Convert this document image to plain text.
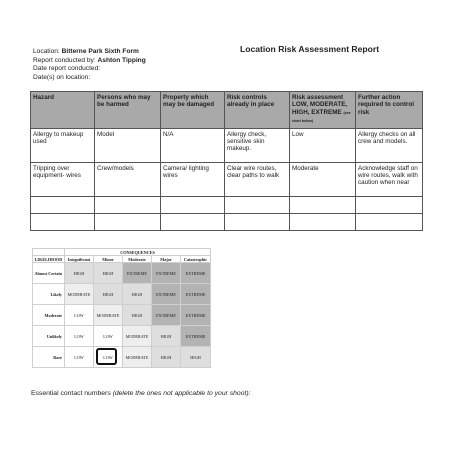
Location Risk Assessment Report
Location: Bitterne Park Sixth Form
Report conducted by: Ashton Tipping
Date report conducted:
Date(s) on location:
Hazard	Persons who may be harmed	Property which may be damaged	Risk controls already in place	Risk assessment LOW, MODERATE, HIGH, EXTREME (see chart below)	Further action required to control risk
Allergy to makeup used	Model	N/A	Allergy check, sensitive skin makeup.	Low	Allergy checks on all crew and models.
Tripping over equipment- wires	Crew/models	Camera/ lighting wires	Clear wire routes, clear paths to walk	Moderate	Acknowledge staff on wire routes, walk with caution when near

	CONSEQUENCES				
LIKELIHOOD	Insignificant	Minor	Moderate	Major	Catastrophic
Almost Certain	HIGH	HIGH	EXTREME	EXTREME	EXTREME
Likely	MODERATE	HIGH	HIGH	EXTREME	EXTREME
Moderate	LOW	MODERATE	HIGH	EXTREME	EXTREME
Unlikely	LOW	LOW	MODERATE	HIGH	EXTREME
Rare	LOW	LOW	MODERATE	HIGH	HIGH
Essential contact numbers (delete the ones not applicable to your shoot):
